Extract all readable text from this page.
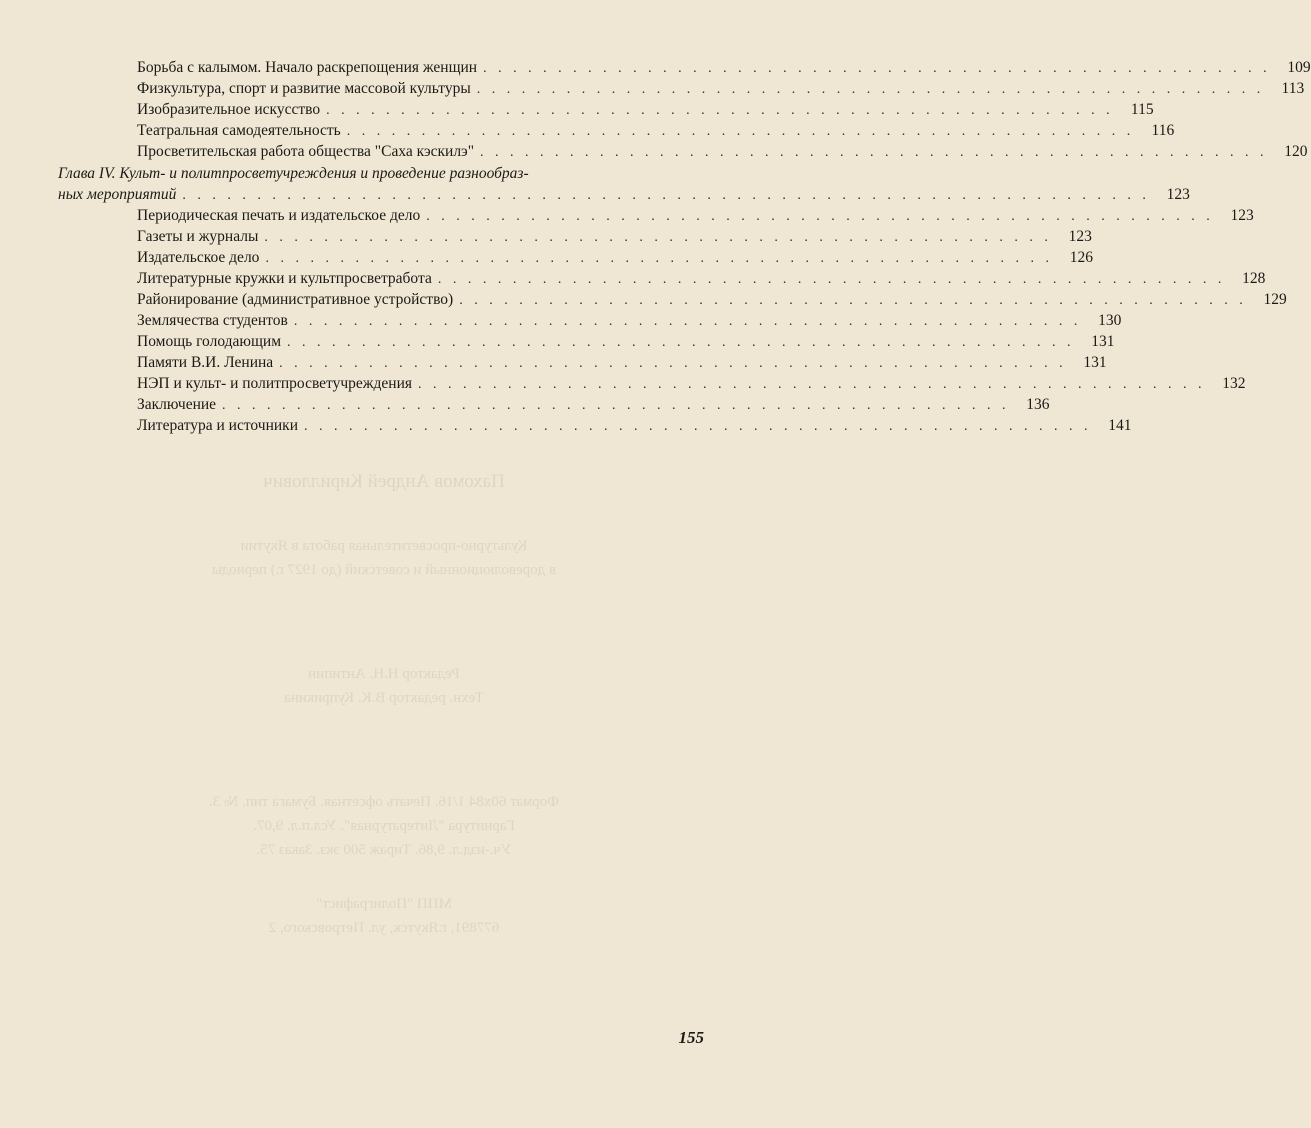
Пахомов Андрей Кириллович
Культурно-просветительная работа в Якутии
в дореволюционный и советский (до 1927 г.) периоды
Редактор Н.Н. Антипин
Техн. редактор В.К. Куприкина
Формат 60х84 1/16. Печать офсетная. Бумага тип. № 3.
Гарнитура "Литературная". Усл.п.л. 9,07.
Уч.-изд.л. 9,86. Тираж 500 экз. Заказ 75.
МПП "Полиграфист"
677891, г.Якутск, ул. Петровского, 2
Борьба с калымом. Начало раскрепощения женщин . . . . . . . . . . . . . . . . . . . . . . . . . . . . . . . . . . . . . . . . . . . . . . . . . . . . .	109
Физкультура, спорт и развитие массовой культуры . . . . . . . . . . . . . . . . . . . . . . . . . . . . . . . . . . . . . . . . . . . . . . . . . . . . .	113
Изобразительное искусство . . . . . . . . . . . . . . . . . . . . . . . . . . . . . . . . . . . . . . . . . . . . . . . . . . . . .	115
Театральная самодеятельность . . . . . . . . . . . . . . . . . . . . . . . . . . . . . . . . . . . . . . . . . . . . . . . . . . . . .	116
Просветительская работа общества "Саха кэскилэ" . . . . . . . . . . . . . . . . . . . . . . . . . . . . . . . . . . . . . . . . . . . . . . . . . . . . .	120
Глава IV. Культ- и политпросветучреждения и проведение разнообраз-
ных мероприятий . . . . . . . . . . . . . . . . . . . . . . . . . . . . . . . . . . . . . . . . . . . . . . . . . . . . . . . . . . . . . . . . .	123
Периодическая печать и издательское дело . . . . . . . . . . . . . . . . . . . . . . . . . . . . . . . . . . . . . . . . . . . . . . . . . . . . .	123
Газеты и журналы . . . . . . . . . . . . . . . . . . . . . . . . . . . . . . . . . . . . . . . . . . . . . . . . . . . . .	123
Издательское дело . . . . . . . . . . . . . . . . . . . . . . . . . . . . . . . . . . . . . . . . . . . . . . . . . . . . .	126
Литературные кружки и культпросветработа . . . . . . . . . . . . . . . . . . . . . . . . . . . . . . . . . . . . . . . . . . . . . . . . . . . . .	128
Районирование (административное устройство) . . . . . . . . . . . . . . . . . . . . . . . . . . . . . . . . . . . . . . . . . . . . . . . . . . . . .	129
Землячества студентов . . . . . . . . . . . . . . . . . . . . . . . . . . . . . . . . . . . . . . . . . . . . . . . . . . . . .	130
Помощь голодающим . . . . . . . . . . . . . . . . . . . . . . . . . . . . . . . . . . . . . . . . . . . . . . . . . . . . .	131
Памяти В.И. Ленина . . . . . . . . . . . . . . . . . . . . . . . . . . . . . . . . . . . . . . . . . . . . . . . . . . . . .	131
НЭП и культ- и политпросветучреждения . . . . . . . . . . . . . . . . . . . . . . . . . . . . . . . . . . . . . . . . . . . . . . . . . . . . .	132
Заключение . . . . . . . . . . . . . . . . . . . . . . . . . . . . . . . . . . . . . . . . . . . . . . . . . . . . .	136
Литература и источники . . . . . . . . . . . . . . . . . . . . . . . . . . . . . . . . . . . . . . . . . . . . . . . . . . . . .	141
155
